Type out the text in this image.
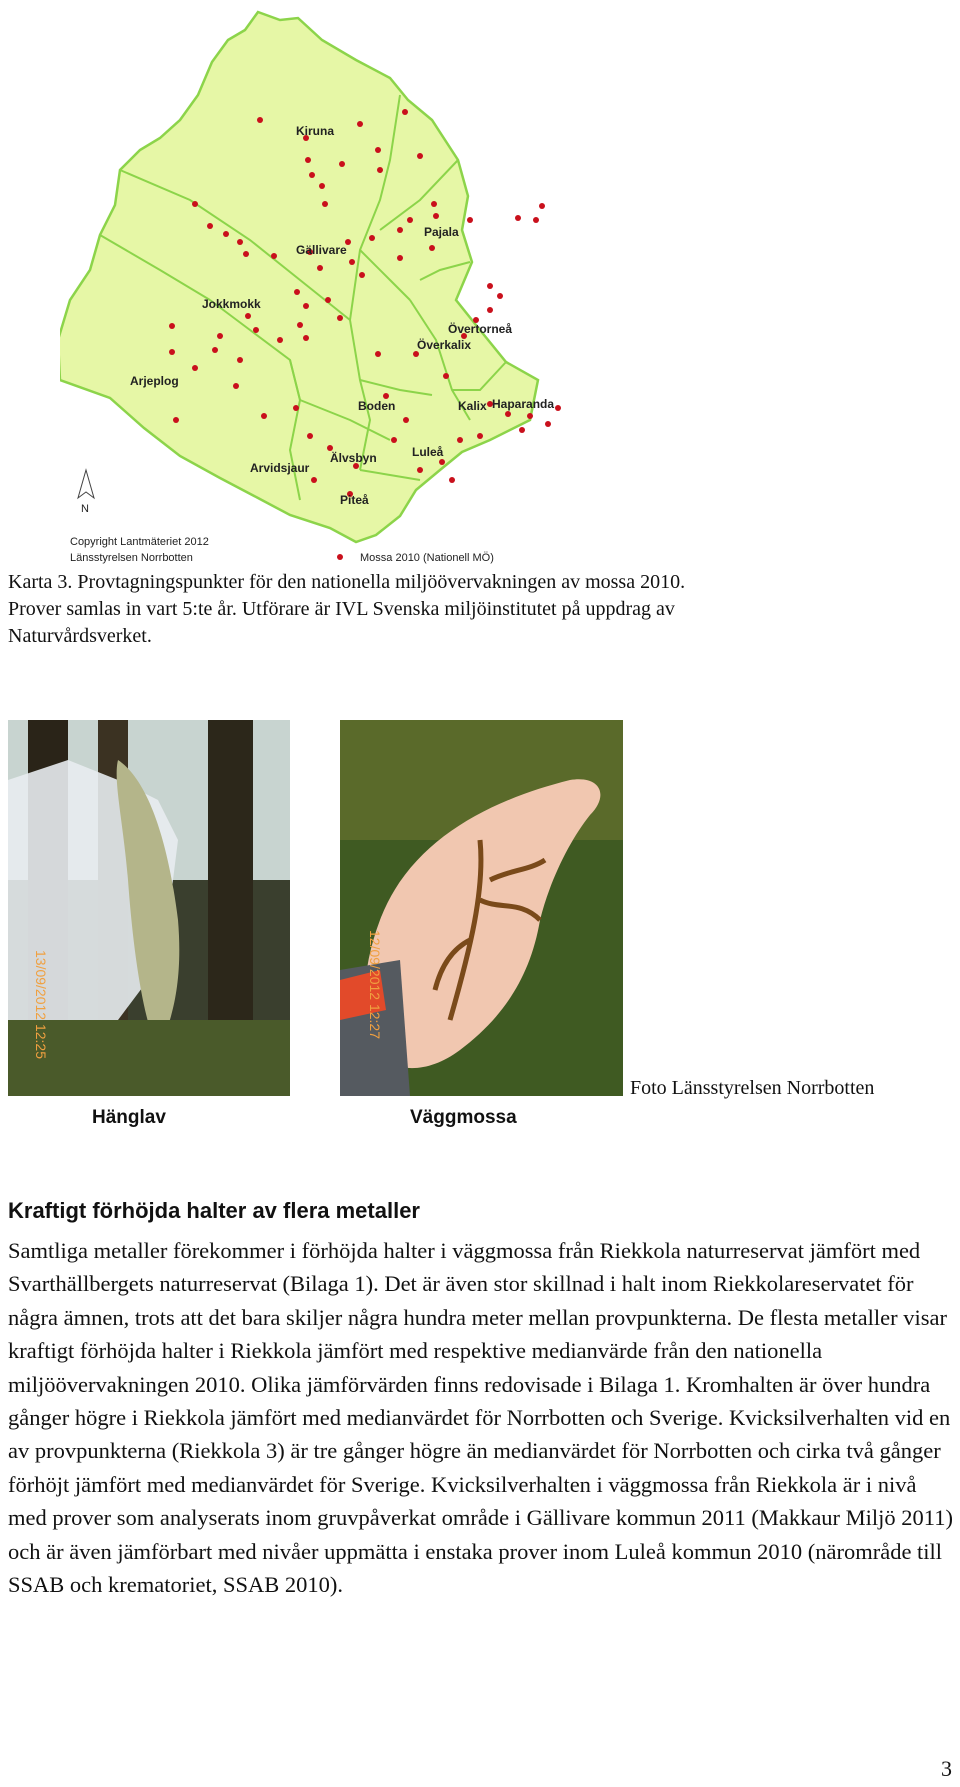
Kiruna
Gällivare
Pajala
Jokkmokk
Övertorneå
Överkalix
Arjeplog
Boden	Kalix Haparanda
Arvidsjaur
Älvsbyn	Luleå
Piteå
N
Copyright Lantmäteriet 2012
Länsstyrelsen Norrbotten	Mossa 2010 (Nationell MÖ)
Karta 3. Provtagningspunkter för den nationella miljöövervakningen av mossa 2010. Prover samlas in vart 5:te år. Utförare är IVL Svenska miljöinstitutet på uppdrag av Naturvårdsverket.
13/09/2012 12:25	12/09/2012 12:27
Hänglav	Väggmossa
Foto Länsstyrelsen Norrbotten
Kraftigt förhöjda halter av flera metaller

Samtliga metaller förekommer i förhöjda halter i väggmossa från Riekkola naturreservat jämfört med Svarthällbergets naturreservat (Bilaga 1). Det är även stor skillnad i halt inom Riekkolareservatet för några ämnen, trots att det bara skiljer några hundra meter mellan provpunkterna. De flesta metaller visar kraftigt förhöjda halter i Riekkola jämfört med respektive medianvärde från den nationella miljöövervakningen 2010. Olika jämförvärden finns redovisade i Bilaga 1. Kromhalten är över hundra gånger högre i Riekkola jämfört med medianvärdet för Norrbotten och Sverige. Kvicksilverhalten vid en av provpunkterna (Riekkola 3) är tre gånger högre än medianvärdet för Norrbotten och cirka två gånger förhöjt jämfört med medianvärdet för Sverige. Kvicksilverhalten i väggmossa från Riekkola är i nivå med prover som analyserats inom gruvpåverkat område i Gällivare kommun 2011 (Makkaur Miljö 2011) och är även jämförbart med nivåer uppmätta i enstaka prover inom Luleå kommun 2010 (närområde till SSAB och krematoriet, SSAB 2010).

3
